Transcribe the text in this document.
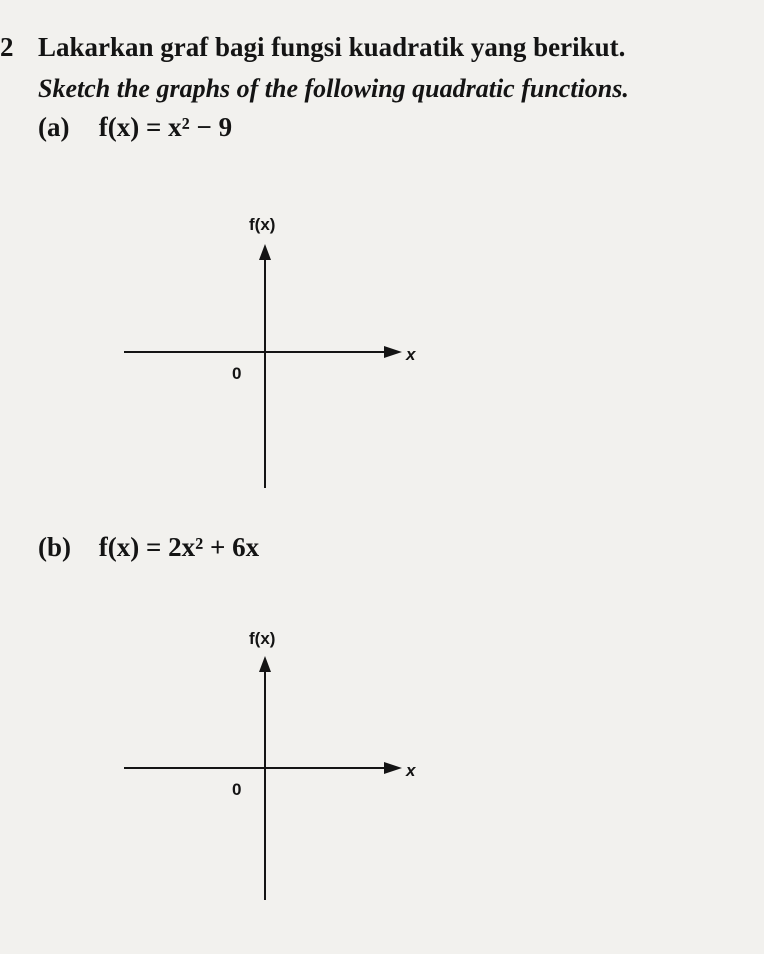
2 Lakarkan graf bagi fungsi kuadratik yang berikut.
Sketch the graphs of the following quadratic functions.
(a) f(x) = x² − 9
f(x)
x
0
(b) f(x) = 2x² + 6x
f(x)
x
0
